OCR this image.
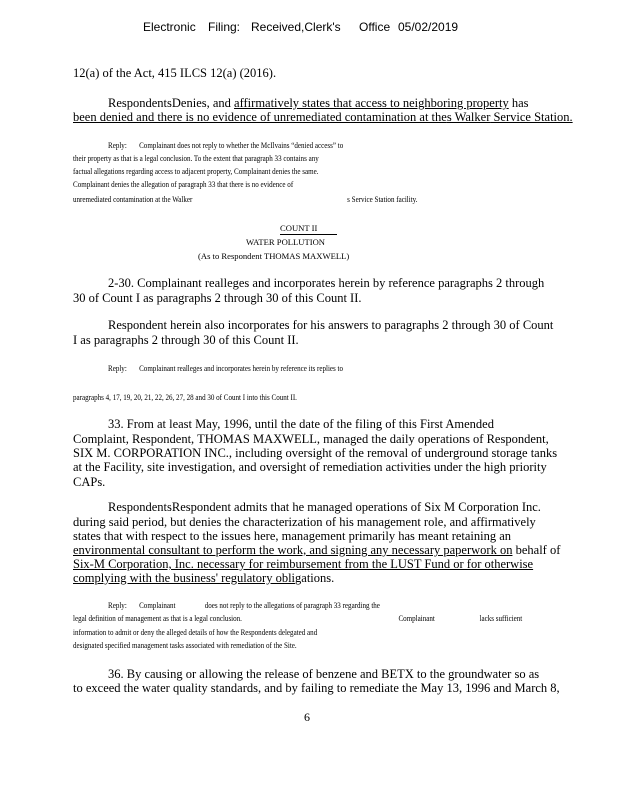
Electronic Filing: Received,Clerk's Office 05/02/2019
12(a) of the Act, 415 ILCS 12(a) (2016).
RespondentsDenies, and affirmatively states that access to neighboring property has
been denied and there is no evidence of unremediated contamination at thes Walker Service Station.
Reply: Complainant does not reply to whether the McIlvains “denied access” to
their property as that is a legal conclusion. To the extent that paragraph 33 contains any
factual allegations regarding access to adjacent property, Complainant denies the same.
Complainant denies the allegation of paragraph 33 that there is no evidence of
unremediated contamination at the Walker	s Service Station facility.
COUNT II
WATER POLLUTION
(As to Respondent THOMAS MAXWELL)
2-30. Complainant realleges and incorporates herein by reference paragraphs 2 through
30 of Count I as paragraphs 2 through 30 of this Count II.
Respondent herein also incorporates for his answers to paragraphs 2 through 30 of Count
I as paragraphs 2 through 30 of this Count II.
Reply: Complainant realleges and incorporates herein by reference its replies to
paragraphs 4, 17, 19, 20, 21, 22, 26, 27, 28 and 30 of Count I into this Count II.
33. From at least May, 1996, until the date of the filing of this First Amended
Complaint, Respondent, THOMAS MAXWELL, managed the daily operations of Respondent,
SIX M. CORPORATION INC., including oversight of the removal of underground storage tanks
at the Facility, site investigation, and oversight of remediation activities under the high priority
CAPs.
RespondentsRespondent admits that he managed operations of Six M Corporation Inc.
during said period, but denies the characterization of his management role, and affirmatively
states that with respect to the issues here, management primarily has meant retaining an
environmental consultant to perform the work, and signing any necessary paperwork on behalf of
Six-M Corporation, Inc. necessary for reimbursement from the LUST Fund or for otherwise
complying with the business' regulatory obligations.
Reply: Complainant	does not reply to the allegations of paragraph 33 regarding the
legal definition of management as that is a legal conclusion.	Complainant	lacks sufficient
information to admit or deny the alleged details of how the Respondents delegated and
designated specified management tasks associated with remediation of the Site.
36. By causing or allowing the release of benzene and BETX to the groundwater so as
to exceed the water quality standards, and by failing to remediate the May 13, 1996 and March 8,
6
